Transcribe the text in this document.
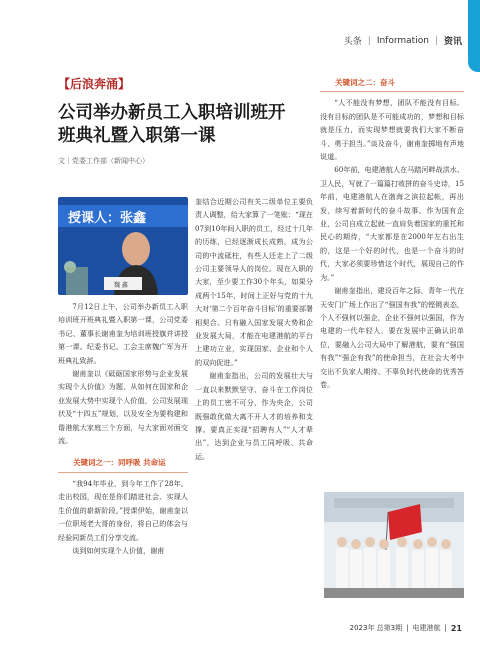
头条 | Information | 资讯
【后浪奔涌】
公司举办新员工入职培训班开班典礼暨入职第一课
文｜党委工作部（新闻中心）
授课人：张鑫
魏 鑫

7月12日上午，公司举办新员工入职培训班开班典礼暨入职第一课，公司党委书记、董事长谢甫奎为培训班授旗并讲授第一课。纪委书记、工会主席魏广军为开班典礼致辞。

谢甫奎以《砥砺国家形势与企业发展 实现个人价值》为题，从如何在国家和企业发展大势中实现个人价值，公司发展现状及“十四五”规划，以及安全为要构建和谐港航大家庭三个方面，与大家面对面交流。

关键词之一：同呼吸 共命运

“我94年毕业，到今年工作了28年。走出校园，现在是你们踏进社会、实现人生价值的崭新阶段。”授课伊始，谢甫奎以一位职场老大哥的身份，将自己的体会与经验同新员工们分享交流。

谈到如何实现个人价值，谢甫

奎结合近期公司有关二级单位主要负责人调整，给大家算了一笔账：“现在07到10年间入职的员工，经过十几年的历练，已经逐渐成长成熟，成为公司的中流砥柱，有些人还走上了二级公司主要领导人的岗位。现在入职的大家，至少要工作30个年头，如果分成两个15年，时间上正好与党的十九大对‘第二个百年奋斗目标’的重要部署相契合。只有融入国家发展大势和企业发展大局，才能在电建港航的平台上建功立业，实现国家、企业和个人的双向促进。”

谢甫奎指出，公司的发展壮大与一直以来默默坚守、奋斗在工作岗位上的员工密不可分，作为央企，公司既强敢优做大离不开人才的培养和支撑。要真正实现“招聘有人”“人才辈出”，达到企业与员工同呼吸、共命运。

关键词之二：奋斗

“人不能没有梦想，团队不能没有目标。没有目标的团队是不可能成功的，梦想和目标就是压力，而实现梦想就要我们大家不断奋斗、勇于担当。”谈及奋斗，谢甫奎掷地有声地说道。

60年前，电建港航人在马踏河畔战洪水、卫人民，写就了一篇篇打败拼的奋斗史诗，15年前，电建港航人在渤海之滨拉起帐，再出发，续写着新时代的奋斗故事。作为国有企业，公司自成立起就一直肩负着国家的重托和民心的期待，“大家都是在2000年左右出生的，这是一个好的时代，也是一个奋斗的时代，大家必须要珍惜这个时代，展现自己的作为。”

谢甫奎指出，建设百年之际，青年一代在天安门广场上作出了“强国有我”的铿锵表态，个人不强何以强企，企业不强何以强国，作为电建的一代年轻人，要在发展中正确认识单位，要融入公司大局中了解港航，要有“强国有我”“强企有我”的使命担当，在社会大考中交出不负家人期待、不辜负时代使命的优秀答卷。

2023年 总第3期 | 电建港航 | 21
